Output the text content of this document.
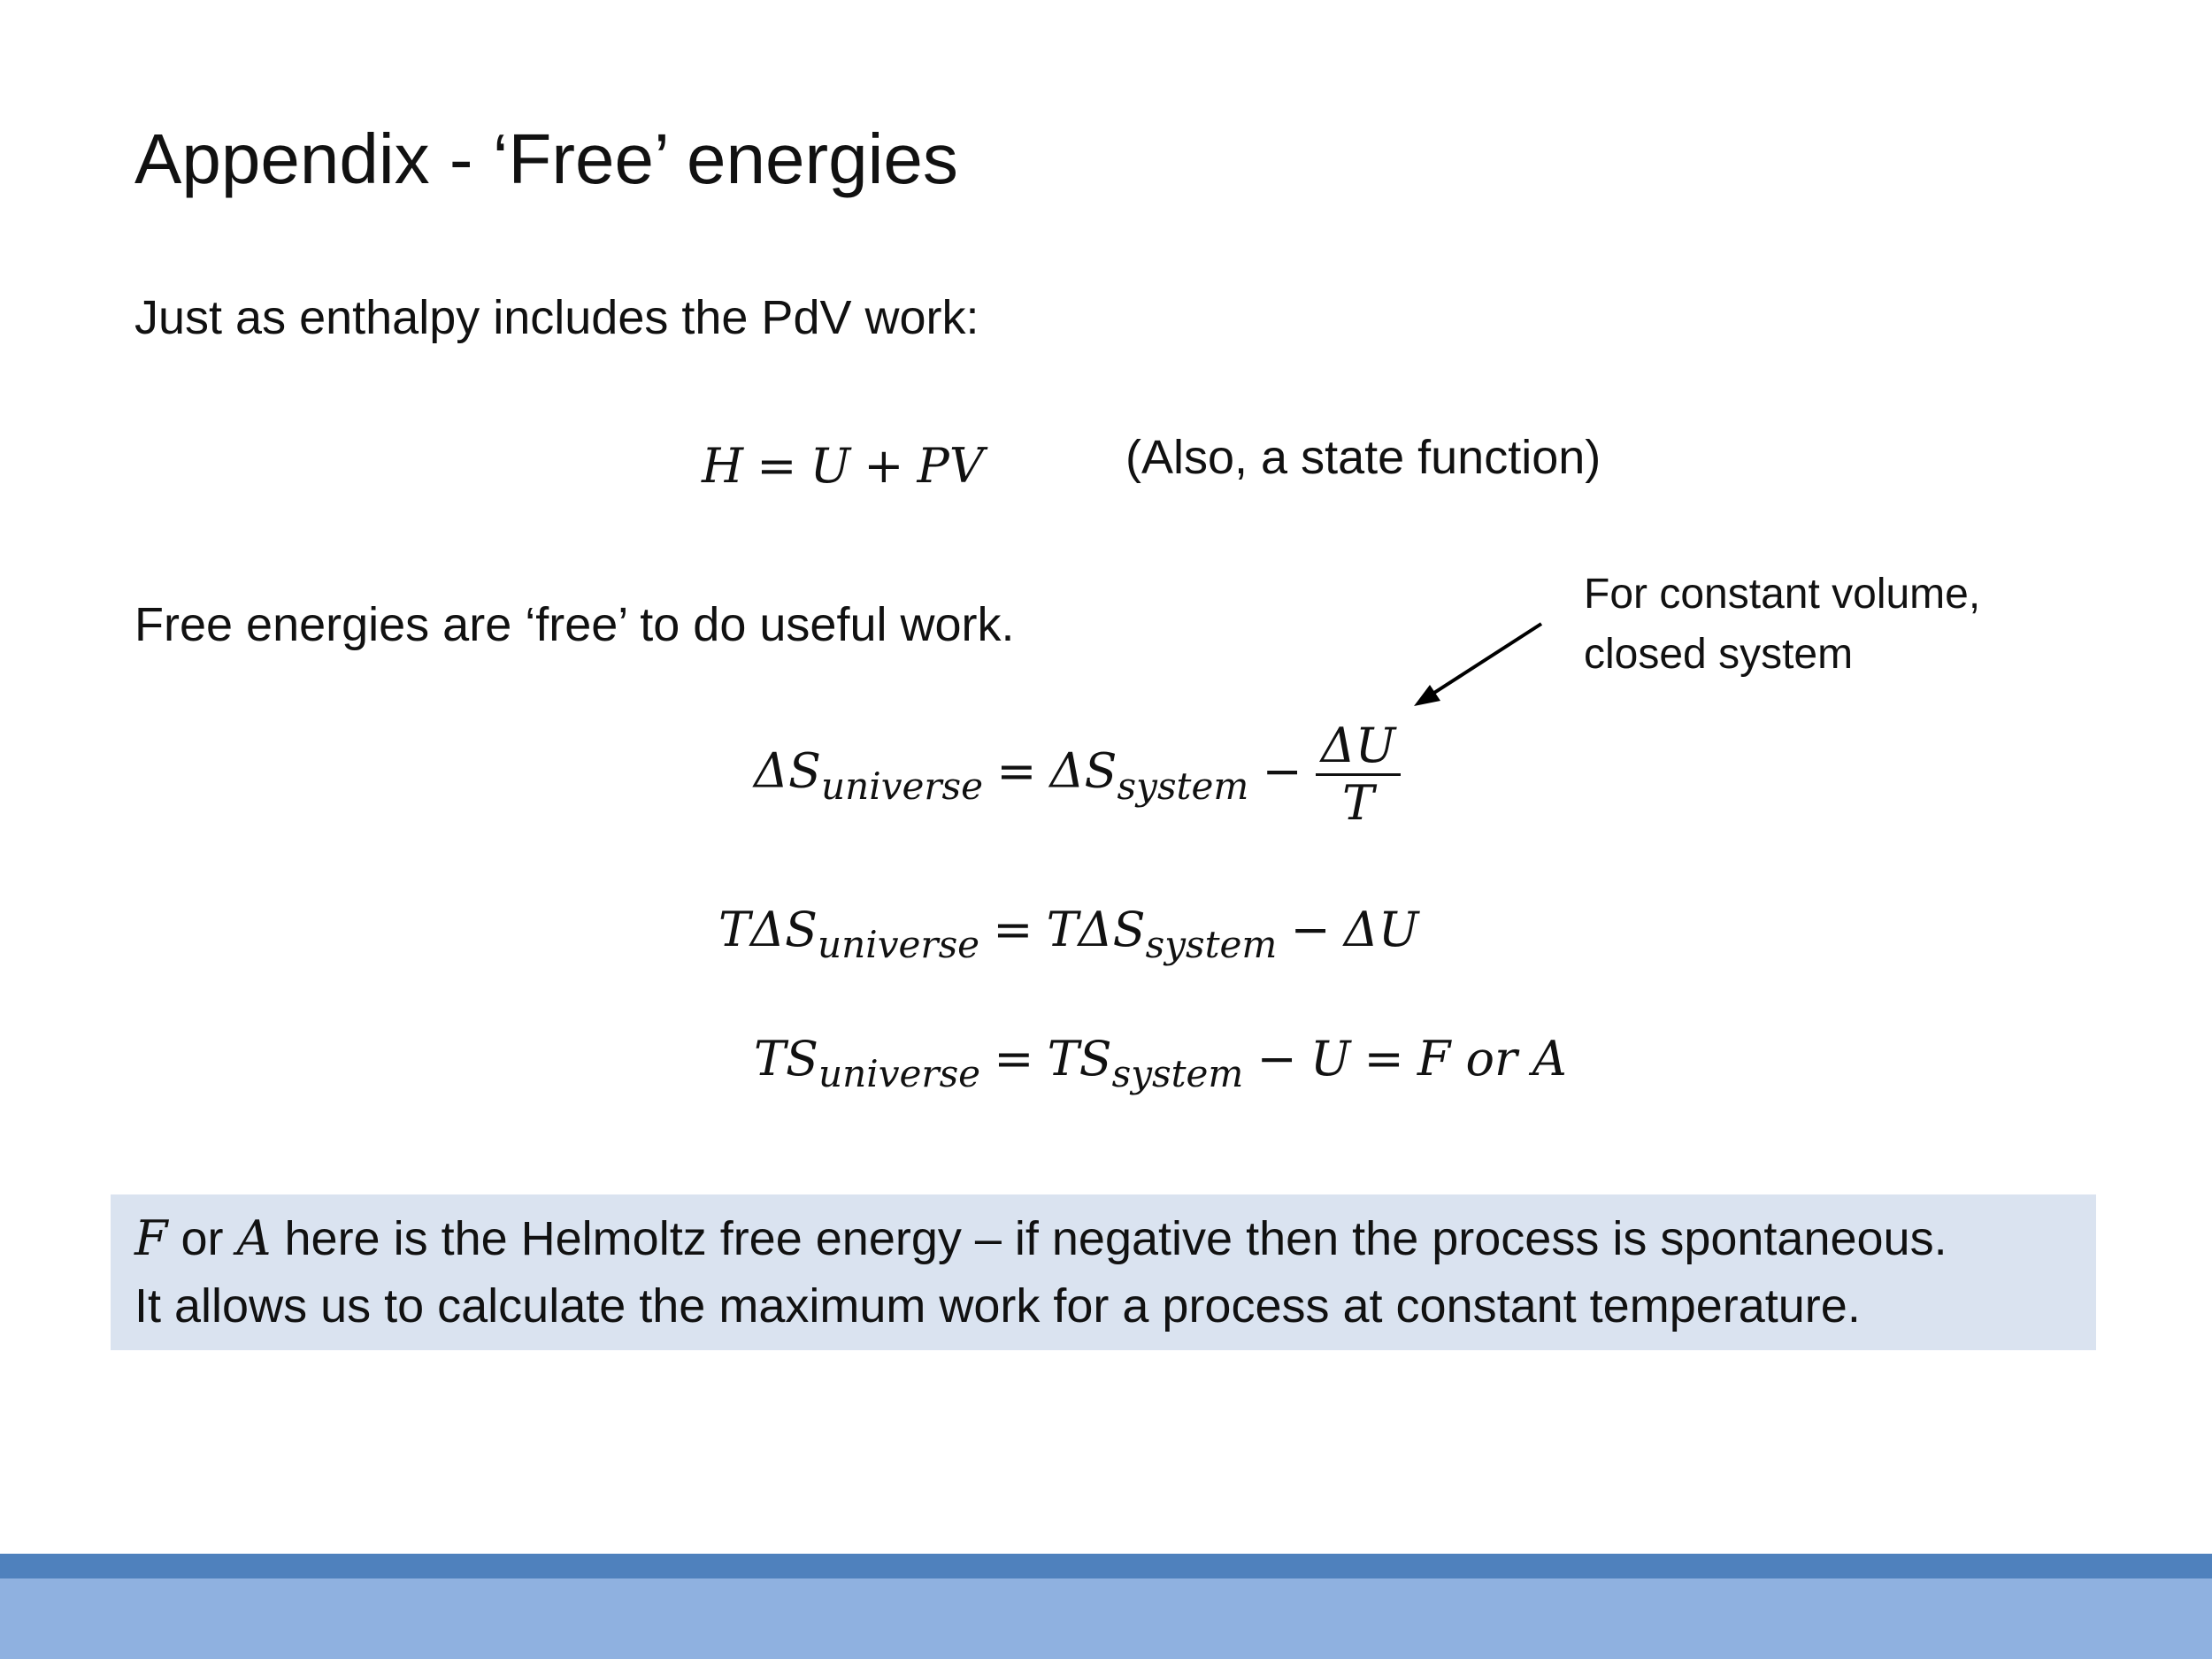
Appendix - ‘Free’ energies
Just as enthalpy includes the PdV work:
H = U + PV	(Also, a state function)
Free energies are ‘free’ to do useful work.
For constant volume,
closed system
$\Delta S_{universe} = \Delta S_{system} - \frac{\Delta U}{T}$
$T\Delta S_{universe} = T\Delta S_{system} - \Delta U$
$TS_{universe} = TS_{system} - U = F$ or A
F or A here is the Helmoltz free energy – if negative then the process is spontaneous.
It allows us to calculate the maximum work for a process at constant temperature.
